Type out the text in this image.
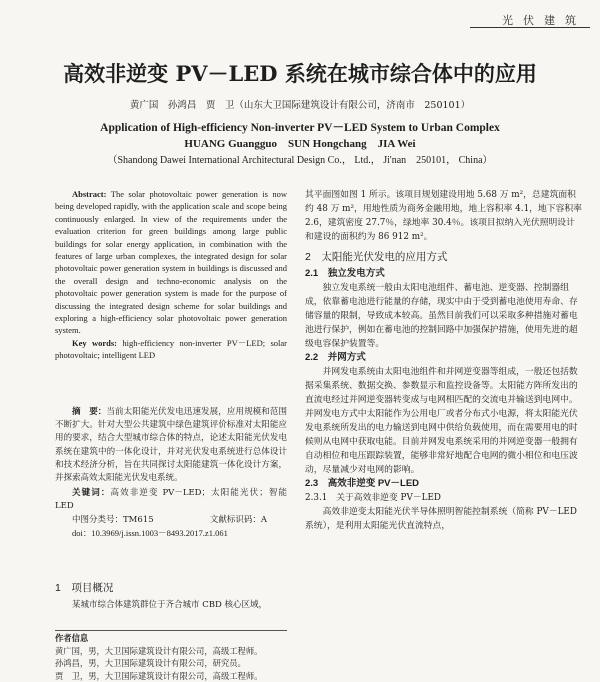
光伏建筑
高效非逆变 PV－LED 系统在城市综合体中的应用
黄广国　孙鸿昌　贾　卫（山东大卫国际建筑设计有限公司，济南市　250101）
Application of High-efficiency Non-inverter PV－LED System to Urban Complex
HUANG Guangguo　SUN Hongchang　JIA Wei
（Shandong Dawei International Architectural Design Co.， Ltd.， Ji'nan　250101， China）

Abstract: The solar photovoltaic power generation is now being developed rapidly, with the application scale and scope being continuously enlarged. In view of the requirements under the evaluation criterion for green buildings among large public buildings for solar energy application, in combination with the features of large urban complexes, the integrated design for solar photovoltaic power generation system in buildings is discussed and the overall design and techno-economic analysis on the photovoltaic power generation system is made for the purpose of discussing the integrated design scheme for solar buildings and exploring a high-efficiency solar photovoltaic power generation system.

Key words: high-efficiency non-inverter PV－LED; solar photovoltaic; intelligent LED

摘　要：当前太阳能光伏发电迅速发展，应用规模和范围不断扩大。针对大型公共建筑中绿色建筑评价标准对太阳能应用的要求，结合大型城市综合体的特点，论述太阳能光伏发电系统在建筑中的一体化设计，并对光伏发电系统进行总体设计和技术经济分析，旨在共同探讨太阳能建筑一体化设计方案，并探索高效太阳能光伏发电系统。

关键词：高效非逆变 PV－LED；太阳能光伏；智能 LED

中图分类号：TM615	文献标识码：A

doi：10.3969/j.issn.1003－8493.2017.z1.061

1　项目概况

某城市综合体建筑群位于齐合城市 CBD 核心区域，

作者信息

黄广国，男，大卫国际建筑设计有限公司，高级工程师。

孙鸿昌，男，大卫国际建筑设计有限公司，研究员。

贾　卫，男，大卫国际建筑设计有限公司，高级工程师。

其平面图如图 1 所示。该项目规划建设用地 5.68 万 m²，总建筑面积约 48 万 m²，用地性质为商务金融用地，地上容积率 4.1，地下容积率 2.6，建筑密度 27.7％，绿地率 30.4％。该项目拟纳入光伏照明设计和建设的面积约为 86 912 m²。

2　太阳能光伏发电的应用方式

2.1　独立发电方式

独立发电系统一般由太阳电池组件、蓄电池、逆变器、控制器组成，依靠蓄电池进行能量的存储，现实中由于受到蓄电池使用寿命、存储容量的限制，导致成本较高。虽然目前我们可以采取多种措施对蓄电池进行保护，例如在蓄电池的控制回路中加强保护措施，使用先进的超级电容保护装置等。

2.2　并网方式

并网发电系统由太阳电池组件和并网逆变器等组成，一般还包括数据采集系统、数据交换、参数显示和监控设备等。太阳能方阵所发出的直流电经过并网逆变器转变成与电网相匹配的交流电并输送到电网中。并网发电方式中太阳能作为公用电厂或者分布式小电源，将太阳能光伏发电系统所发出的电力输送到电网中供给负载使用，而在需要用电的时候则从电网中获取电能。目前并网发电系统采用的并网逆变器一般拥有自动相位和电压跟踪装置，能够非常好地配合电网的微小相位和电压波动，尽量减少对电网的影响。

2.3　高效非逆变 PV－LED

2.3.1　关于高效非逆变 PV－LED

高效非逆变太阳能光伏半导体照明智能控制系统（简称 PV－LED 系统），是利用太阳能光伏直流特点，
